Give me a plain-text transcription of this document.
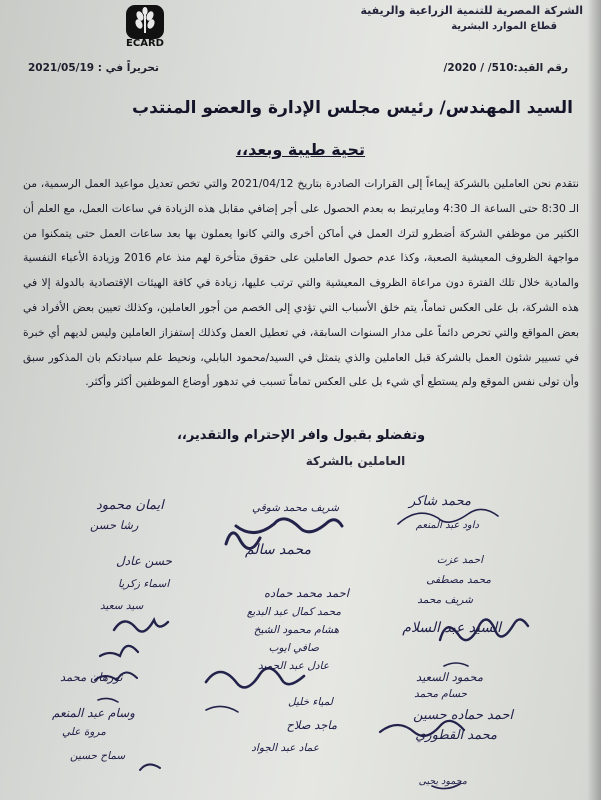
الشركة المصرية للتنمية الزراعية والريفية
قطاع الموارد البشرية
ECARD
تحريراً في : 2021/05/19	رقم القيد:510/ / 2020/
السيد المهندس/ رئيس مجلس الإدارة والعضو المنتدب
تحية طيبة وبعد،،
نتقدم نحن العاملين بالشركة إيماءاً إلى القرارات الصادرة بتاريخ 2021/04/12 والتي تخص تعديل مواعيد العمل الرسمية، من الـ 8:30 حتى الساعة الـ 4:30 ومايرتبط به بعدم الحصول على أجر إضافي مقابل هذه الزيادة في ساعات العمل، مع العلم أن الكثير من موظفي الشركة أضطرو لترك العمل في أماكن أخرى والتي كانوا يعملون بها بعد ساعات العمل حتى يتمكنوا من مواجهة الظروف المعيشية الصعبة، وكذا عدم حصول العاملين على حقوق متأخرة لهم منذ عام 2016 وزيادة الأعباء النفسية والمادية خلال تلك الفترة دون مراعاة الظروف المعيشية والتي ترتب عليها، زيادة في كافة الهيئات الإقتصادية بالدولة إلا في هذه الشركة، بل على العكس تماماً، يتم خلق الأسباب التي تؤدي إلى الخصم من أجور العاملين، وكذلك تعيين بعض الأفراد في بعض المواقع والتي تحرص دائماً على مدار السنوات السابقة، في تعطيل العمل وكذلك إستفزاز العاملين وليس لديهم أي خبرة في تسيير شئون العمل بالشركة قبل العاملين والذي يتمثل في السيد/محمود البابلي، ونحيط علم سيادتكم بان المذكور سبق وأن تولى نفس الموقع ولم يستطع أي شيء بل على العكس تماماً تسبب في تدهور أوضاع الموظفين أكثر وأكثر.
وتفضلو بقبول وافر الإحترام والتقدير،،
العاملين بالشركة
محمد شاكر
داود عبد المنعم
احمد عزت
محمد مصطفى
شريف محمد
السيد عبد السلام
محمود السعيد
حسام محمد
احمد حماده حسين
محمد القطوري
محمود يحيى
شريف محمد شوقي
محمد سالم
احمد محمد حماده
محمد كمال عبد البديع
هشام محمود الشيخ
صافي ايوب
عادل عبد الحميد
لمياء خليل
ماجد صلاح
عماد عبد الجواد
ايمان محمود
رشا حسن
حسن عادل
اسماء زكريا
سيد سعيد
نورهان محمد
وسام عبد المنعم
مروة علي
سماح حسين
